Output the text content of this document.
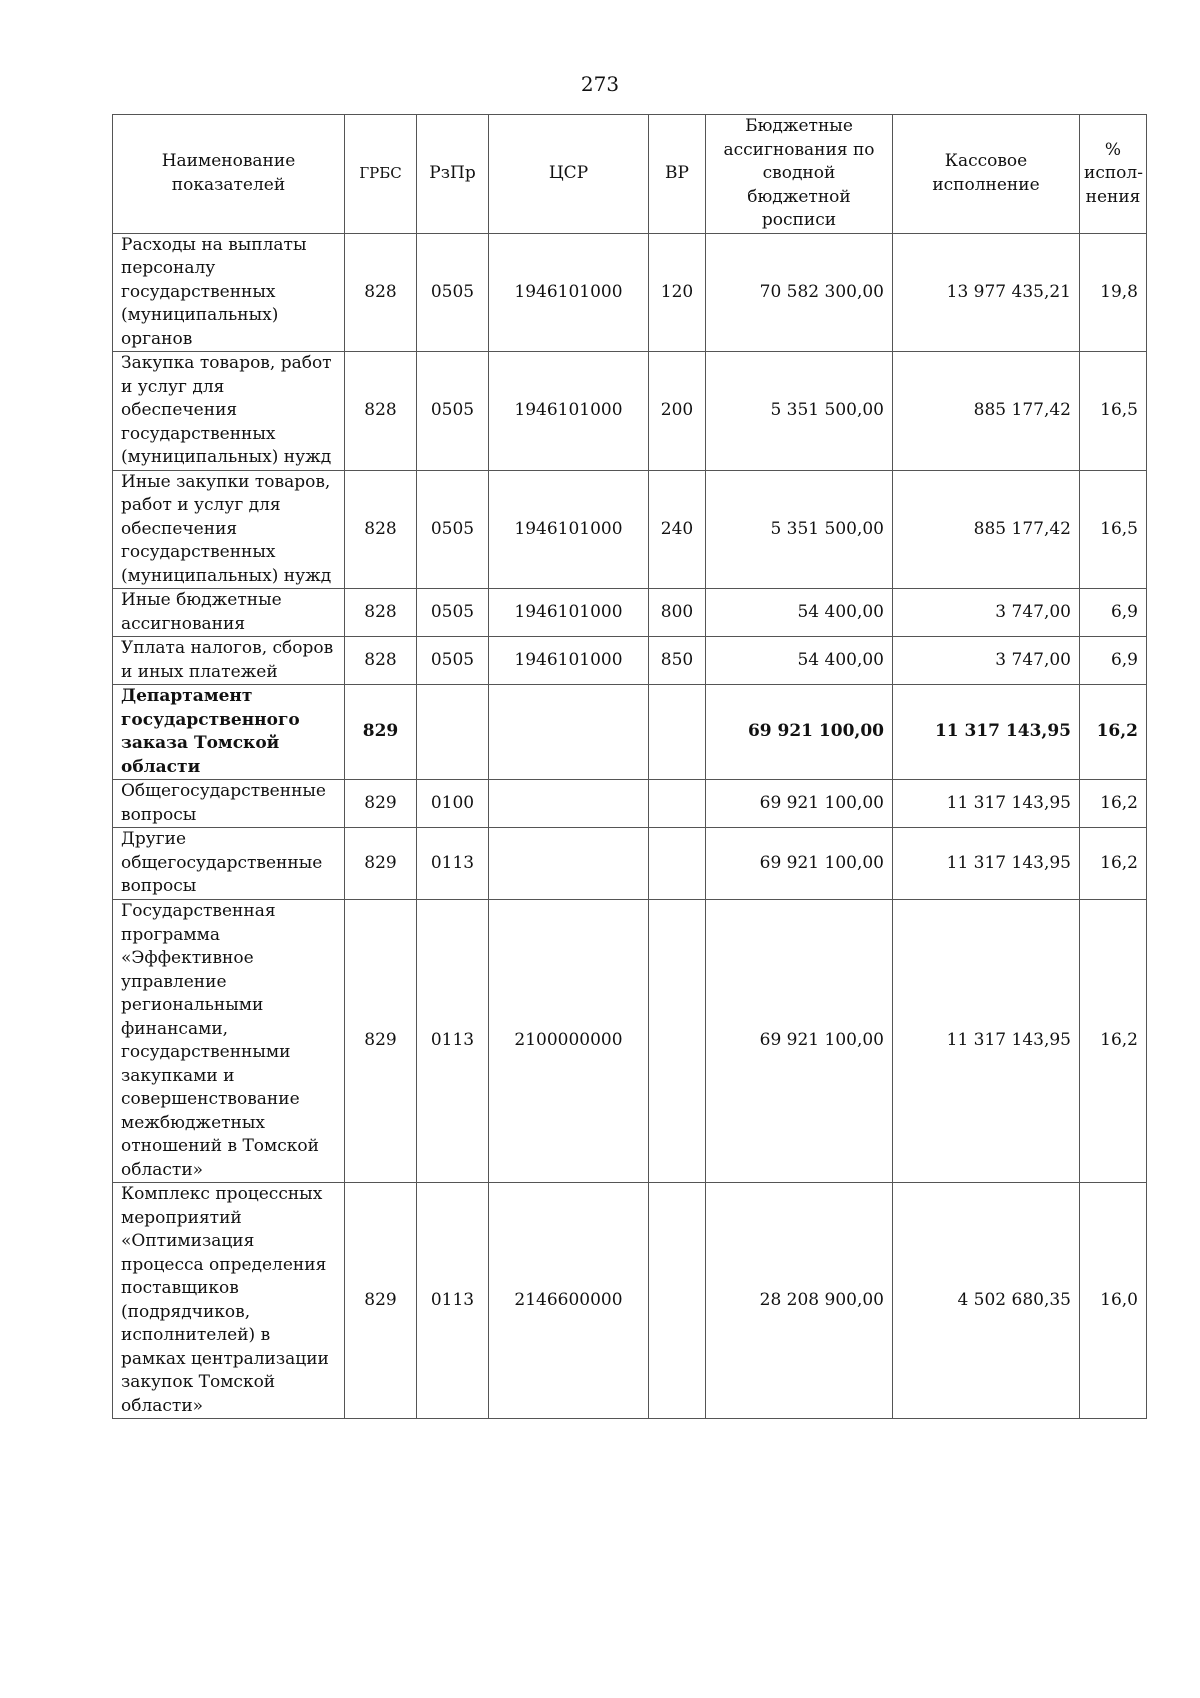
273
Наименование показателей	ГРБС	РзПр	ЦСР	ВР	Бюджетные ассигнования по сводной бюджетной росписи	Кассовое исполнение	% испол-нения
Расходы на выплаты персоналу государственных (муниципальных) органов	828	0505	1946101000	120	70 582 300,00	13 977 435,21	19,8
Закупка товаров, работ и услуг для обеспечения государственных (муниципальных) нужд	828	0505	1946101000	200	5 351 500,00	885 177,42	16,5
Иные закупки товаров, работ и услуг для обеспечения государственных (муниципальных) нужд	828	0505	1946101000	240	5 351 500,00	885 177,42	16,5
Иные бюджетные ассигнования	828	0505	1946101000	800	54 400,00	3 747,00	6,9
Уплата налогов, сборов и иных платежей	828	0505	1946101000	850	54 400,00	3 747,00	6,9
Департамент государственного заказа Томской области	829				69 921 100,00	11 317 143,95	16,2
Общегосударственные вопросы	829	0100			69 921 100,00	11 317 143,95	16,2
Другие общегосударственные вопросы	829	0113			69 921 100,00	11 317 143,95	16,2
Государственная программа «Эффективное управление региональными финансами, государственными закупками и совершенствование межбюджетных отношений в Томской области»	829	0113	2100000000		69 921 100,00	11 317 143,95	16,2
Комплекс процессных мероприятий «Оптимизация процесса определения поставщиков (подрядчиков, исполнителей) в рамках централизации закупок Томской области»	829	0113	2146600000		28 208 900,00	4 502 680,35	16,0
